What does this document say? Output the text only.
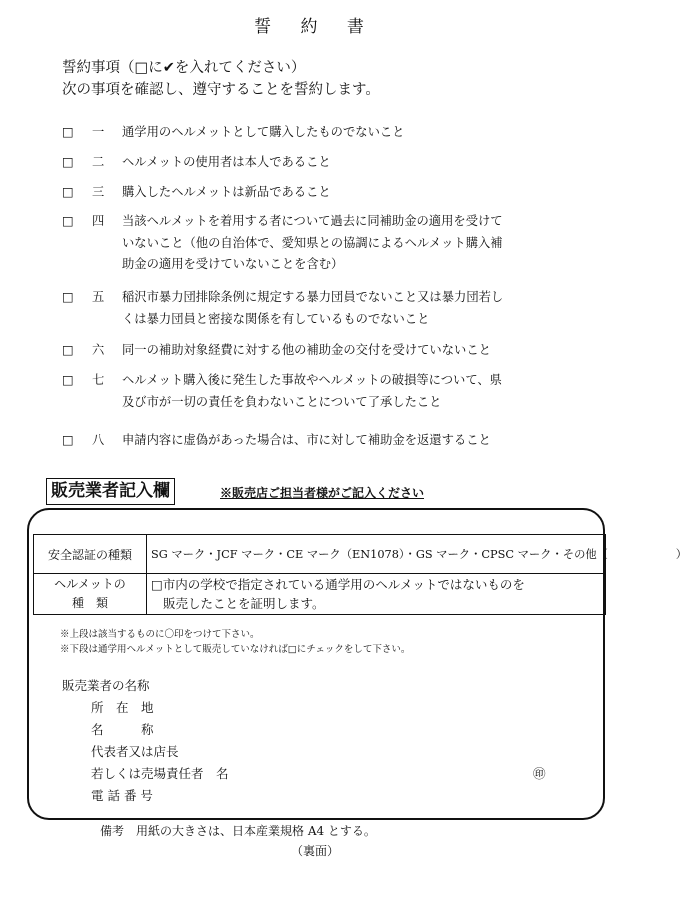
誓 約 書
誓約事項（□に✔を入れてください）
次の事項を確認し、遵守することを誓約します。
□ 一 通学用のヘルメットとして購入したものでないこと
□ 二 ヘルメットの使用者は本人であること
□ 三 購入したヘルメットは新品であること
□ 四 当該ヘルメットを着用する者について過去に同補助金の適用を受けて
いないこと（他の自治体で、愛知県との協調によるヘルメット購入補
助金の適用を受けていないことを含む）
□ 五 稲沢市暴力団排除条例に規定する暴力団員でないこと又は暴力団若し
くは暴力団員と密接な関係を有しているものでないこと
□ 六 同一の補助対象経費に対する他の補助金の交付を受けていないこと
□ 七 ヘルメット購入後に発生した事故やヘルメットの破損等について、県
及び市が一切の責任を負わないことについて了承したこと
□ 八 申請内容に虚偽があった場合は、市に対して補助金を返還すること
販売業者記入欄	※販売店ご担当者様がご記入ください
安全認証の種類	SG マーク・JCF マーク・CE マーク（EN1078）・GS マーク・CPSC マーク・その他（　　　　　　）

ヘルメットの
種　類	□市内の学校で指定されている通学用のヘルメットではないものを
販売したことを証明します。
※上段は該当するものに〇印をつけて下さい。
※下段は通学用ヘルメットとして販売していなければ□にチェックをして下さい。
販売業者の名称
所　在　地
名　　　称
代表者又は店長
若しくは売場責任者　名	㊞
電 話 番 号
備考　用紙の大きさは、日本産業規格 A4 とする。
（裏面）
